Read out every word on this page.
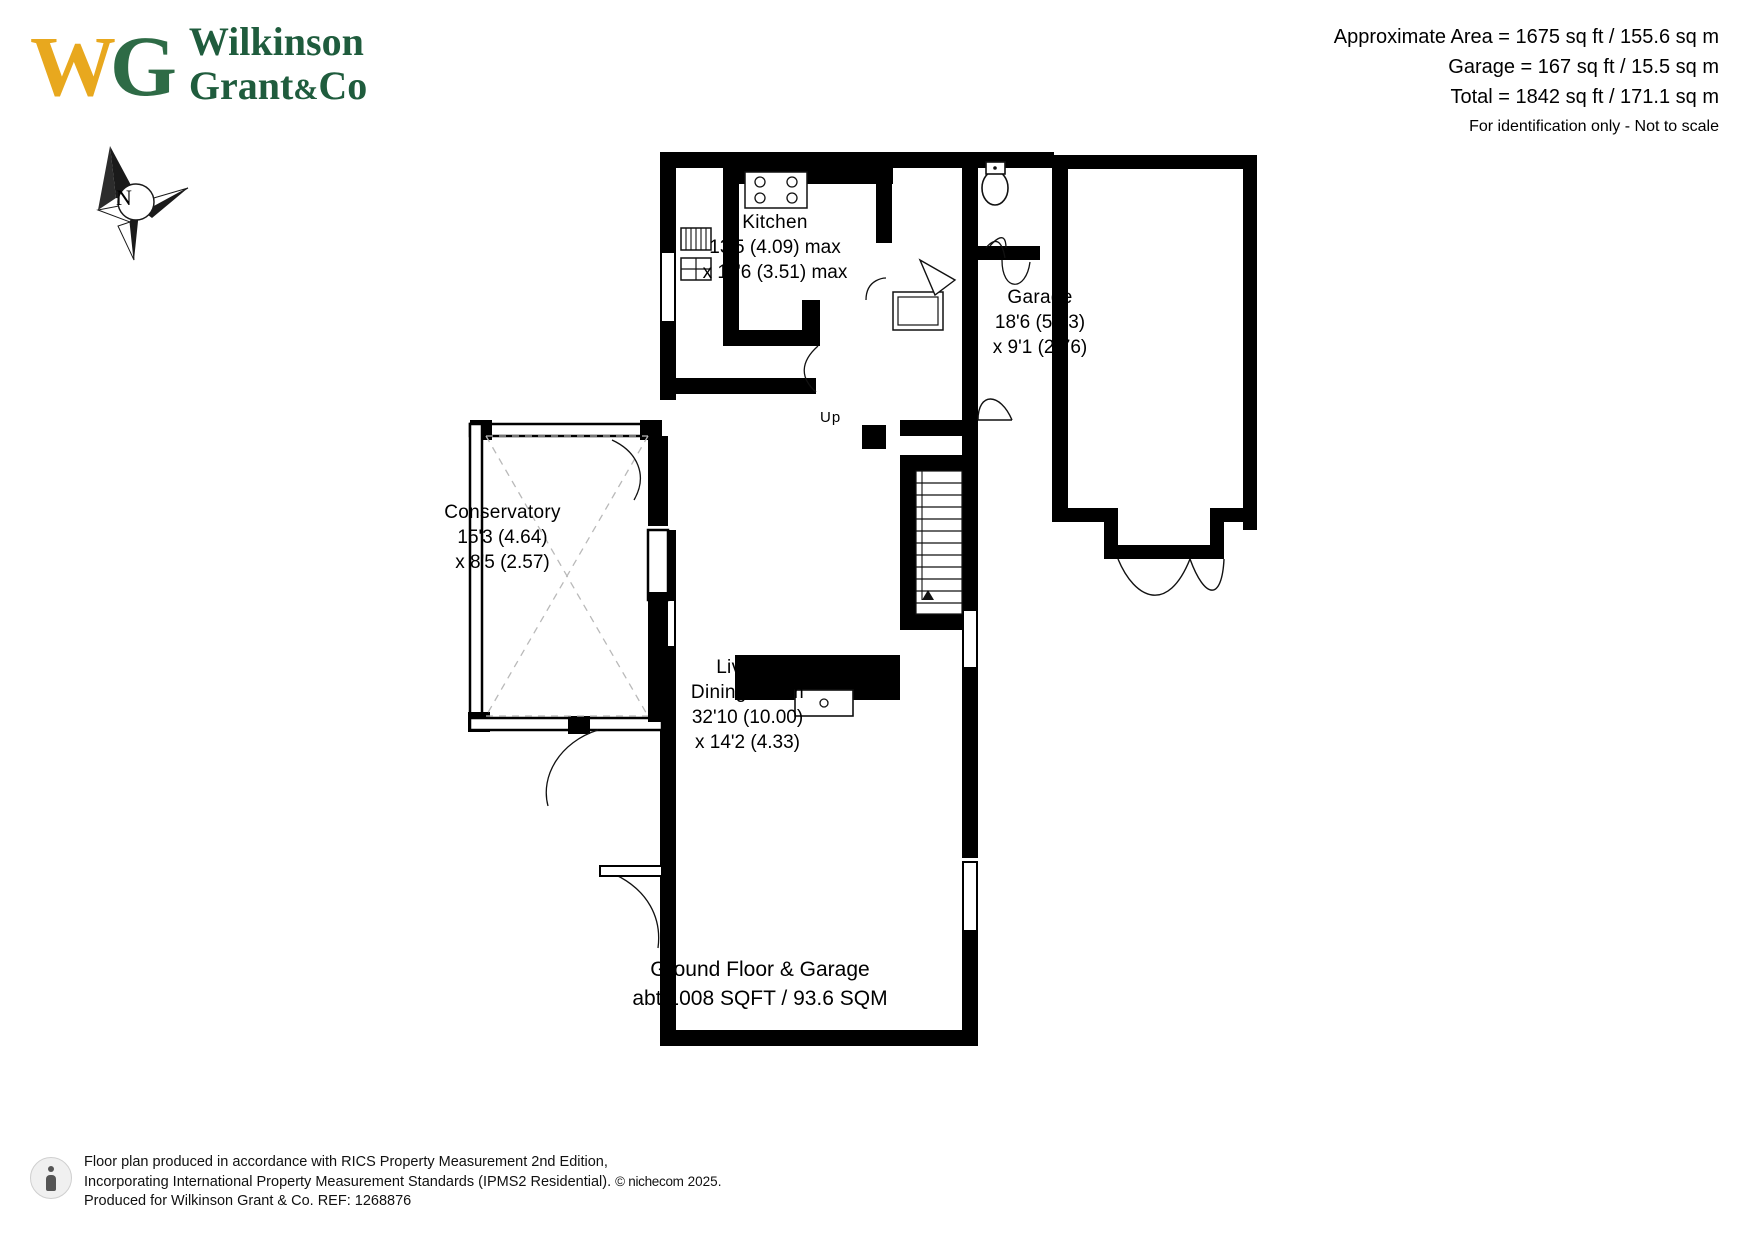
WG Wilkinson
Grant&Co
Approximate Area = 1675 sq ft / 155.6 sq m
Garage = 167 sq ft / 15.5 sq m
Total = 1842 sq ft / 171.1 sq m
For identification only - Not to scale
N
Kitchen
13'5 (4.09) max
x 11'6 (3.51) max
Garage
18'6 (5.63)
x 9'1 (2.76)
Conservatory
15'3 (4.64)
x 8'5 (2.57)
Living /
Dining Room
32'10 (10.00)
x 14'2 (4.33)
Up
Ground Floor & Garage
abt 1008 SQFT / 93.6 SQM
Floor plan produced in accordance with RICS Property Measurement 2nd Edition,
Incorporating International Property Measurement Standards (IPMS2 Residential). © nichecom 2025.
Produced for Wilkinson Grant & Co. REF: 1268876
